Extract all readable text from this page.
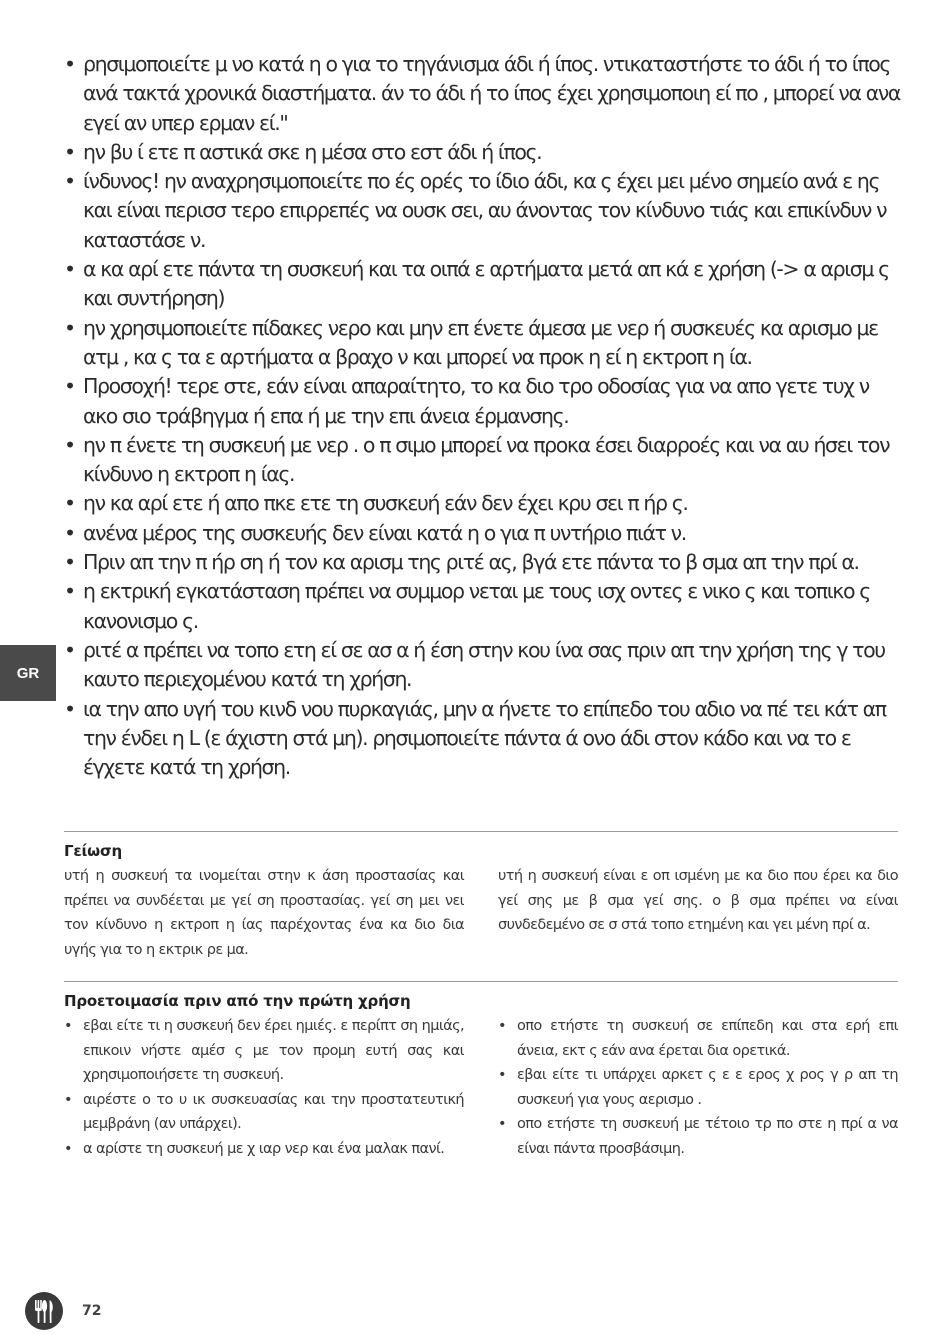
GR
• ρησιμοποιείτε μ νο κατά η ο για το τηγάνισμα άδι ή ίπος. ντικαταστήστε το άδι ή το ίπος ανά τακτά χρονικά διαστήματα. άν το άδι ή το ίπος έχει χρησιμοποιη εί πο , μπορεί να ανα εγεί αν υπερ ερμαν εί."
• ην βυ ί ετε π αστικά σκε η μέσα στο εστ άδι ή ίπος.
• ίνδυνος! ην αναχρησιμοποιείτε πο ές ορές το ίδιο άδι, κα ς έχει μει μένο σημείο ανά ε ης και είναι περισσ τερο επιρρεπές να ουσκ σει, αυ άνοντας τον κίνδυνο τιάς και επικίνδυν ν καταστάσε ν.
• α κα αρί ετε πάντα τη συσκευή και τα οιπά ε αρτήματα μετά απ κά ε χρήση (-> α αρισμ ς και συντήρηση)
• ην χρησιμοποιείτε πίδακες νερο και μην επ ένετε άμεσα με νερ ή συσκευές κα αρισμο με ατμ , κα ς τα ε αρτήματα α βραχο ν και μπορεί να προκ η εί η εκτροπ η ία.
• Προσοχή! τερε στε, εάν είναι απαραίτητο, το κα διο τρο οδοσίας για να απο γετε τυχ ν ακο σιο τράβηγμα ή επα ή με την επι άνεια έρμανσης.
• ην π ένετε τη συσκευή με νερ . ο π σιμο μπορεί να προκα έσει διαρροές και να αυ ήσει τον κίνδυνο η εκτροπ η ίας.
• ην κα αρί ετε ή απο πκε ετε τη συσκευή εάν δεν έχει κρυ σει π ήρ ς.
• ανένα μέρος της συσκευής δεν είναι κατά η ο για π υντήριο πιάτ ν.
• Πριν απ την π ήρ ση ή τον κα αρισμ της ριτέ ας, βγά ετε πάντα το β σμα απ την πρί α.
• η εκτρική εγκατάσταση πρέπει να συμμορ νεται με τους ισχ οντες ε νικο ς και τοπικο ς κανονισμο ς.
• ριτέ α πρέπει να τοπο ετη εί σε ασ α ή έση στην κου ίνα σας πριν απ την χρήση της γ του καυτο περιεχομένου κατά τη χρήση.
• ια την απο υγή του κινδ νου πυρκαγιάς, μην α ήνετε το επίπεδο του αδιο να πέ τει κάτ απ την ένδει η L (ε άχιστη στά μη). ρησιμοποιείτε πάντα ά ονο άδι στον κάδο και να το ε έγχετε κατά τη χρήση.
Γείωση

υτή η συσκευή τα ινομείται στην κ άση προστασίας και πρέπει να συνδέεται με γεί ση προστασίας. γεί ση μει νει τον κίνδυνο η εκτροπ η ίας παρέχοντας ένα κα διο δια υγής για το η εκτρικ ρε μα.

υτή η συσκευή είναι ε οπ ισμένη με κα διο που έρει κα διο γεί σης με β σμα γεί σης. ο β σμα πρέπει να είναι συνδεδεμένο σε σ στά τοπο ετημένη και γει μένη πρί α.

Προετοιμασία πριν από την πρώτη χρήση
• εβαι είτε τι η συσκευή δεν έρει ημιές. ε περίπτ ση ημιάς, επικοιν νήστε αμέσ ς με τον προμη ευτή σας και χρησιμοποιήσετε τη συσκευή.
• αιρέστε ο το υ ικ συσκευασίας και την προστατευτική μεμβράνη (αν υπάρχει).
• α αρίστε τη συσκευή με χ ιαρ νερ και ένα μαλακ πανί.
• οπο ετήστε τη συσκευή σε επίπεδη και στα ερή επι άνεια, εκτ ς εάν ανα έρεται δια ορετικά.
• εβαι είτε τι υπάρχει αρκετ ς ε ε ερος χ ρος γ ρ απ τη συσκευή για γους αερισμο .
• οπο ετήστε τη συσκευή με τέτοιο τρ πο στε η πρί α να είναι πάντα προσβάσιμη.
72
